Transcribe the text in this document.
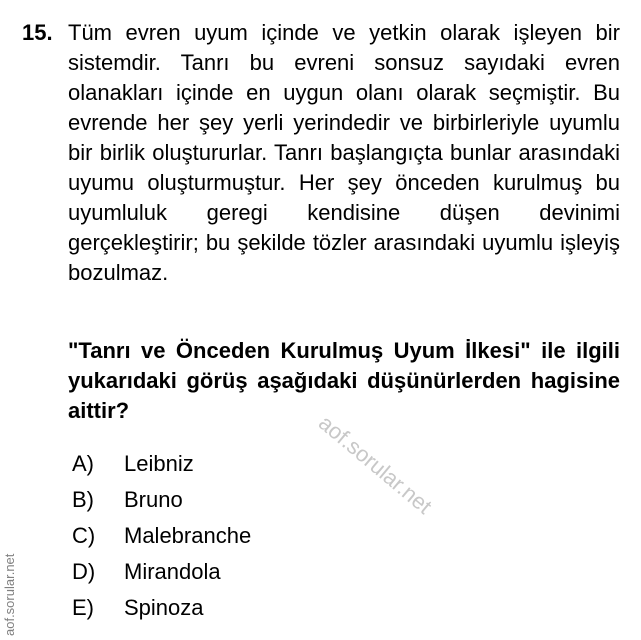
15. Tüm evren uyum içinde ve yetkin olarak işleyen bir sistemdir. Tanrı bu evreni sonsuz sayıdaki evren olanakları içinde en uygun olanı olarak seçmiştir. Bu evrende her şey yerli yerindedir ve birbirleriyle uyumlu bir birlik oluştururlar. Tanrı başlangıçta bunlar arasındaki uyumu oluşturmuştur. Her şey önceden kurulmuş bu uyumluluk geregi kendisine düşen devinimi gerçekleştirir; bu şekilde tözler arasındaki uyumlu işleyiş bozulmaz.

"Tanrı ve Önceden Kurulmuş Uyum İlkesi" ile ilgili yukarıdaki görüş aşağıdaki düşünürlerden hagisine aittir?

A)	Leibniz
B)	Bruno
C)	Malebranche
D)	Mirandola
E)	Spinoza
aof.sorular.net
aof.sorular.net
